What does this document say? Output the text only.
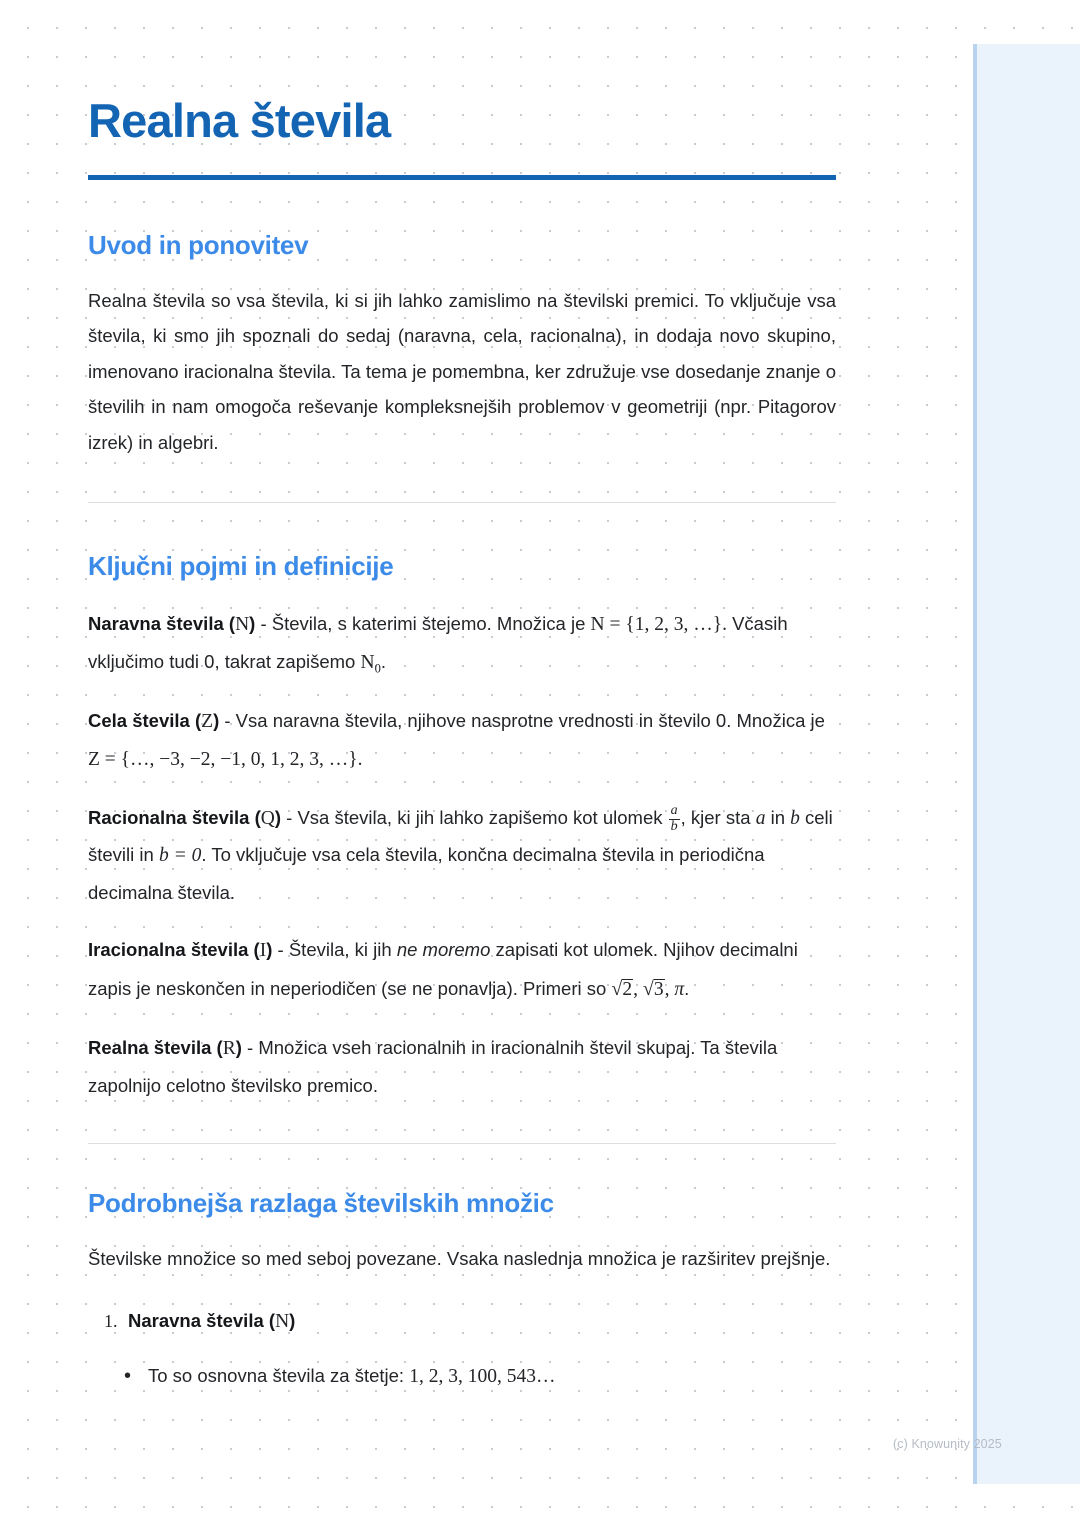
Realna števila
Uvod in ponovitev

Realna števila so vsa števila, ki si jih lahko zamislimo na številski premici. To vključuje vsa števila, ki smo jih spoznali do sedaj (naravna, cela, racionalna), in dodaja novo skupino, imenovano iracionalna števila. Ta tema je pomembna, ker združuje vse dosedanje znanje o številih in nam omogoča reševanje kompleksnejših problemov v geometriji (npr. Pitagorov izrek) in algebri.

Ključni pojmi in definicije

Naravna števila (N) - Števila, s katerimi štejemo. Množica je N = {1, 2, 3, …}. Včasih vključimo tudi 0, takrat zapišemo $N_0$.

Cela števila (Z) - Vsa naravna števila, njihove nasprotne vrednosti in število 0. Množica je Z = {…, −3, −2, −1, 0, 1, 2, 3, …}.

Racionalna števila (Q) - Vsa števila, ki jih lahko zapišemo kot ulomek $\frac{a}{b}$ , kjer sta a in b celi števili in b = 0. To vključuje vsa cela števila, končna decimalna števila in periodična decimalna števila.

Iracionalna števila (I) - Števila, ki jih ne moremo zapisati kot ulomek. Njihov decimalni zapis je neskončen in neperiodičen (se ne ponavlja). Primeri so √2, √3, π.

Realna števila (R) - Množica vseh racionalnih in iracionalnih števil skupaj. Ta števila zapolnijo celotno številsko premico.

Podrobnejša razlaga številskih množic

Številske množice so med seboj povezane. Vsaka naslednja množica je razširitev prejšnje.

1. Naravna števila (N)
• To so osnovna števila za štetje: 1, 2, 3, 100, 543…
(c) Knowunity 2025
